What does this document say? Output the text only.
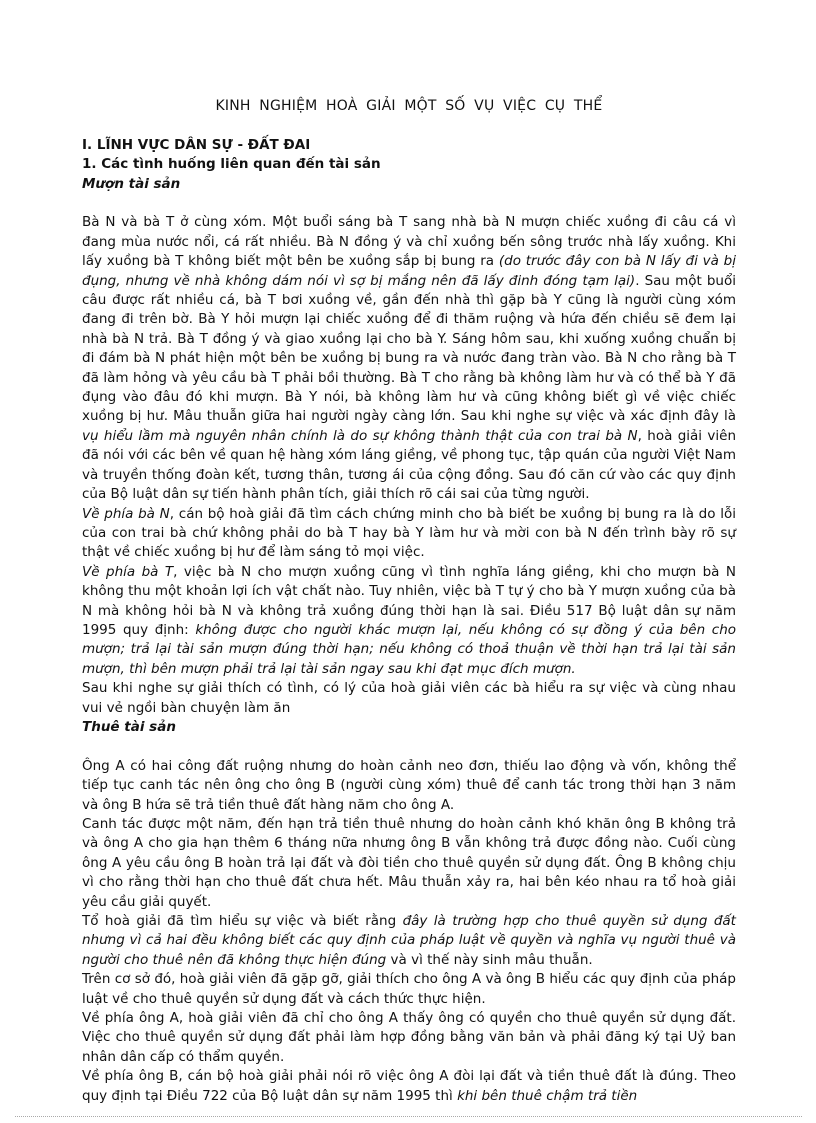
KINH NGHIỆM HOÀ GIẢI MỘT SỐ VỤ VIỆC CỤ THỂ

I. LĨNH VỰC DÂN SỰ - ĐẤT ĐAI

1. Các tình huống liên quan đến tài sản

Mượn tài sản

Bà N và bà T ở cùng xóm. Một buổi sáng bà T sang nhà bà N mượn chiếc xuồng đi câu cá vì đang mùa nước nổi, cá rất nhiều. Bà N đồng ý và chỉ xuồng bến sông trước nhà lấy xuồng. Khi lấy xuồng bà T không biết một bên be xuồng sắp bị bung ra (do trước đây con bà N lấy đi và bị đụng, nhưng về nhà không dám nói vì sợ bị mắng nên đã lấy đinh đóng tạm lại). Sau một buổi câu được rất nhiều cá, bà T bơi xuồng về, gần đến nhà thì gặp bà Y cũng là người cùng xóm đang đi trên bờ. Bà Y hỏi mượn lại chiếc xuồng để đi thăm ruộng và hứa đến chiều sẽ đem lại nhà bà N trả. Bà T đồng ý và giao xuồng lại cho bà Y. Sáng hôm sau, khi xuống xuồng chuẩn bị đi đám bà N phát hiện một bên be xuồng bị bung ra và nước đang tràn vào. Bà N cho rằng bà T đã làm hỏng và yêu cầu bà T phải bồi thường. Bà T cho rằng bà không làm hư và có thể bà Y đã đụng vào đâu đó khi mượn. Bà Y nói, bà không làm hư và cũng không biết gì về việc chiếc xuồng bị hư. Mâu thuẫn giữa hai người ngày càng lớn. Sau khi nghe sự việc và xác định đây là vụ hiểu lầm mà nguyên nhân chính là do sự không thành thật của con trai bà N, hoà giải viên đã nói với các bên về quan hệ hàng xóm láng giềng, về phong tục, tập quán của người Việt Nam và truyền thống đoàn kết, tương thân, tương ái của cộng đồng. Sau đó căn cứ vào các quy định của Bộ luật dân sự tiến hành phân tích, giải thích rõ cái sai của từng người.

Về phía bà N, cán bộ hoà giải đã tìm cách chứng minh cho bà biết be xuồng bị bung ra là do lỗi của con trai bà chứ không phải do bà T hay bà Y làm hư và mời con bà N đến trình bày rõ sự thật về chiếc xuồng bị hư để làm sáng tỏ mọi việc.

Về phía bà T, việc bà N cho mượn xuồng cũng vì tình nghĩa láng giềng, khi cho mượn bà N không thu một khoản lợi ích vật chất nào. Tuy nhiên, việc bà T tự ý cho bà Y mượn xuồng của bà N mà không hỏi bà N và không trả xuồng đúng thời hạn là sai. Điều 517 Bộ luật dân sự năm 1995 quy định: không được cho người khác mượn lại, nếu không có sự đồng ý của bên cho mượn; trả lại tài sản mượn đúng thời hạn; nếu không có thoả thuận về thời hạn trả lại tài sản mượn, thì bên mượn phải trả lại tài sản ngay sau khi đạt mục đích mượn.

Sau khi nghe sự giải thích có tình, có lý của hoà giải viên các bà hiểu ra sự việc và cùng nhau vui vẻ ngồi bàn chuyện làm ăn

Thuê tài sản

Ông A có hai công đất ruộng nhưng do hoàn cảnh neo đơn, thiếu lao động và vốn, không thể tiếp tục canh tác nên ông cho ông B (người cùng xóm) thuê để canh tác trong thời hạn 3 năm và ông B hứa sẽ trả tiền thuê đất hàng năm cho ông A.

Canh tác được một năm, đến hạn trả tiền thuê nhưng do hoàn cảnh khó khăn ông B không trả và ông A cho gia hạn thêm 6 tháng nữa nhưng ông B vẫn không trả được đồng nào. Cuối cùng ông A yêu cầu ông B hoàn trả lại đất và đòi tiền cho thuê quyền sử dụng đất. Ông B không chịu vì cho rằng thời hạn cho thuê đất chưa hết. Mâu thuẫn xảy ra, hai bên kéo nhau ra tổ hoà giải yêu cầu giải quyết.

Tổ hoà giải đã tìm hiểu sự việc và biết rằng đây là trường hợp cho thuê quyền sử dụng đất nhưng vì cả hai đều không biết các quy định của pháp luật về quyền và nghĩa vụ người thuê và người cho thuê nên đã không thực hiện đúng và vì thế này sinh mâu thuẫn.

Trên cơ sở đó, hoà giải viên đã gặp gỡ, giải thích cho ông A và ông B hiểu các quy định của pháp luật về cho thuê quyền sử dụng đất và cách thức thực hiện.

Về phía ông A, hoà giải viên đã chỉ cho ông A thấy ông có quyền cho thuê quyền sử dụng đất. Việc cho thuê quyền sử dụng đất phải làm hợp đồng bằng văn bản và phải đăng ký tại Uỷ ban nhân dân cấp có thẩm quyền.

Về phía ông B, cán bộ hoà giải phải nói rõ việc ông A đòi lại đất và tiền thuê đất là đúng. Theo quy định tại Điều 722 của Bộ luật dân sự năm 1995 thì khi bên thuê chậm trả tiền
